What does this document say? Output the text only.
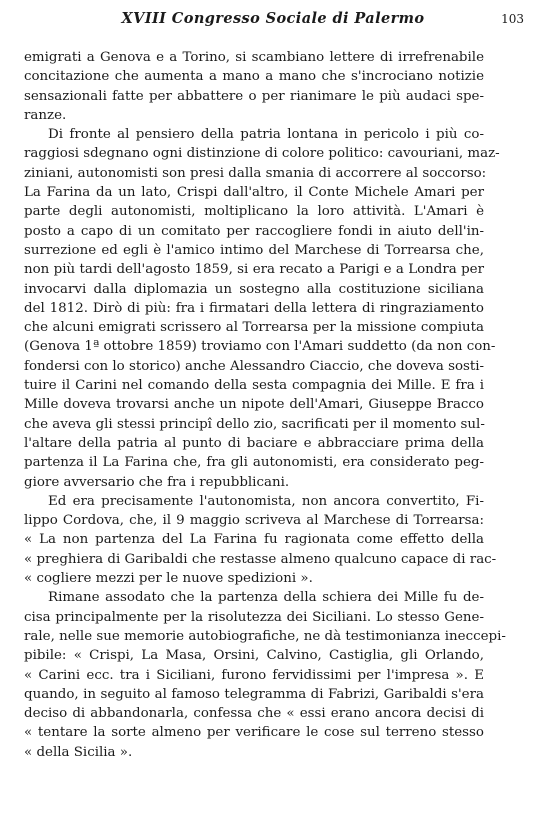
XVIII Congresso Sociale di Palermo	103
emigrati a Genova e a Torino, si scambiano lettere di irrefrenabile
concitazione che aumenta a mano a mano che s'incrociano notizie
sensazionali fatte per abbattere o per rianimare le più audaci spe-
ranze.
Di fronte al pensiero della patria lontana in pericolo i più co-
raggiosi sdegnano ogni distinzione di colore politico: cavouriani, maz-
ziniani, autonomisti son presi dalla smania di accorrere al soccorso:
La Farina da un lato, Crispi dall'altro, il Conte Michele Amari per
parte degli autonomisti, moltiplicano la loro attività. L'Amari è
posto a capo di un comitato per raccogliere fondi in aiuto dell'in-
surrezione ed egli è l'amico intimo del Marchese di Torrearsa che,
non più tardi dell'agosto 1859, si era recato a Parigi e a Londra per
invocarvi dalla diplomazia un sostegno alla costituzione siciliana
del 1812. Dirò di più: fra i firmatari della lettera di ringraziamento
che alcuni emigrati scrissero al Torrearsa per la missione compiuta
(Genova 1ª ottobre 1859) troviamo con l'Amari suddetto (da non con-
fondersi con lo storico) anche Alessandro Ciaccio, che doveva sosti-
tuire il Carini nel comando della sesta compagnia dei Mille. E fra i
Mille doveva trovarsi anche un nipote dell'Amari, Giuseppe Bracco
che aveva gli stessi principî dello zio, sacrificati per il momento sul-
l'altare della patria al punto di baciare e abbracciare prima della
partenza il La Farina che, fra gli autonomisti, era considerato peg-
giore avversario che fra i repubblicani.
Ed era precisamente l'autonomista, non ancora convertito, Fi-
lippo Cordova, che, il 9 maggio scriveva al Marchese di Torrearsa:
« La non partenza del La Farina fu ragionata come effetto della
« preghiera di Garibaldi che restasse almeno qualcuno capace di rac-
« cogliere mezzi per le nuove spedizioni ».
Rimane assodato che la partenza della schiera dei Mille fu de-
cisa principalmente per la risolutezza dei Siciliani. Lo stesso Gene-
rale, nelle sue memorie autobiografiche, ne dà testimonianza ineccepi-
pibile: « Crispi, La Masa, Orsini, Calvino, Castiglia, gli Orlando,
« Carini ecc. tra i Siciliani, furono fervidissimi per l'impresa ». E
quando, in seguito al famoso telegramma di Fabrizi, Garibaldi s'era
deciso di abbandonarla, confessa che « essi erano ancora decisi di
« tentare la sorte almeno per verificare le cose sul terreno stesso
« della Sicilia ».
